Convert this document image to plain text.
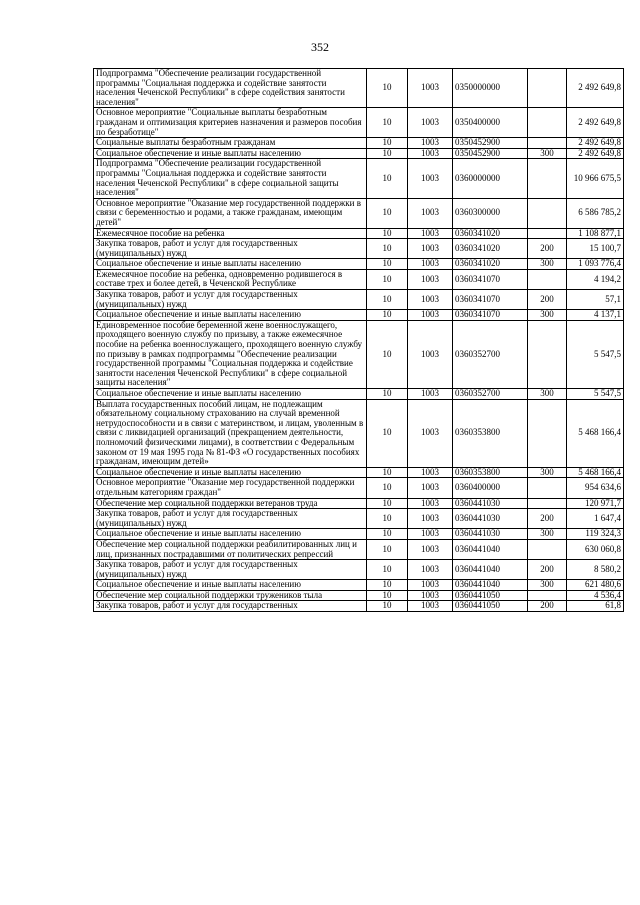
352
Подпрограмма "Обеспечение реализации государственной программы "Социальная поддержка и содействие занятости населения Чеченской Республики" в сфере содействия занятости населения"	10	1003	0350000000		2 492 649,8
Основное мероприятие "Социальные выплаты безработным гражданам и оптимизация критериев назначения и размеров пособия по безработице"	10	1003	0350400000		2 492 649,8
Социальные выплаты безработным гражданам	10	1003	0350452900		2 492 649,8
Социальное обеспечение и иные выплаты населению	10	1003	0350452900	300	2 492 649,8
Подпрограмма "Обеспечение реализации государственной программы "Социальная поддержка и содействие занятости населения Чеченской Республики" в сфере социальной защиты населения"	10	1003	0360000000		10 966 675,5
Основное мероприятие "Оказание мер государственной поддержки в связи с беременностью и родами, а также гражданам, имеющим детей"	10	1003	0360300000		6 586 785,2
Ежемесячное пособие на ребенка	10	1003	0360341020		1 108 877,1
Закупка товаров, работ и услуг для государственных (муниципальных) нужд	10	1003	0360341020	200	15 100,7
Социальное обеспечение и иные выплаты населению	10	1003	0360341020	300	1 093 776,4
Ежемесячное пособие на ребенка, одновременно родившегося в составе трех и более детей, в Чеченской Республике	10	1003	0360341070		4 194,2
Закупка товаров, работ и услуг для государственных (муниципальных) нужд	10	1003	0360341070	200	57,1
Социальное обеспечение и иные выплаты населению	10	1003	0360341070	300	4 137,1
Единовременное пособие беременной жене военнослужащего, проходящего военную службу по призыву, а также ежемесячное пособие на ребенка военнослужащего, проходящего военную службу по призыву в рамках подпрограммы "Обеспечение реализации государственной программы "Социальная поддержка и содействие занятости населения Чеченской Республики" в сфере социальной защиты населения"	10	1003	0360352700		5 547,5
Социальное обеспечение и иные выплаты населению	10	1003	0360352700	300	5 547,5
Выплата государственных пособий лицам, не подлежащим обязательному социальному страхованию на случай временной нетрудоспособности и в связи с материнством, и лицам, уволенным в связи с ликвидацией организаций (прекращением деятельности, полномочий физическими лицами), в соответствии с Федеральным законом от 19 мая 1995 года № 81-ФЗ «О государственных пособиях гражданам, имеющим детей»	10	1003	0360353800		5 468 166,4
Социальное обеспечение и иные выплаты населению	10	1003	0360353800	300	5 468 166,4
Основное мероприятие "Оказание мер государственной поддержки отдельным категориям граждан"	10	1003	0360400000		954 634,6
Обеспечение мер социальной поддержки ветеранов труда	10	1003	0360441030		120 971,7
Закупка товаров, работ и услуг для государственных (муниципальных) нужд	10	1003	0360441030	200	1 647,4
Социальное обеспечение и иные выплаты населению	10	1003	0360441030	300	119 324,3
Обеспечение мер социальной поддержки реабилитированных лиц и лиц, признанных пострадавшими от политических репрессий	10	1003	0360441040		630 060,8
Закупка товаров, работ и услуг для государственных (муниципальных) нужд	10	1003	0360441040	200	8 580,2
Социальное обеспечение и иные выплаты населению	10	1003	0360441040	300	621 480,6
Обеспечение мер социальной поддержки тружеников тыла	10	1003	0360441050		4 536,4
Закупка товаров, работ и услуг для государственных	10	1003	0360441050	200	61,8
